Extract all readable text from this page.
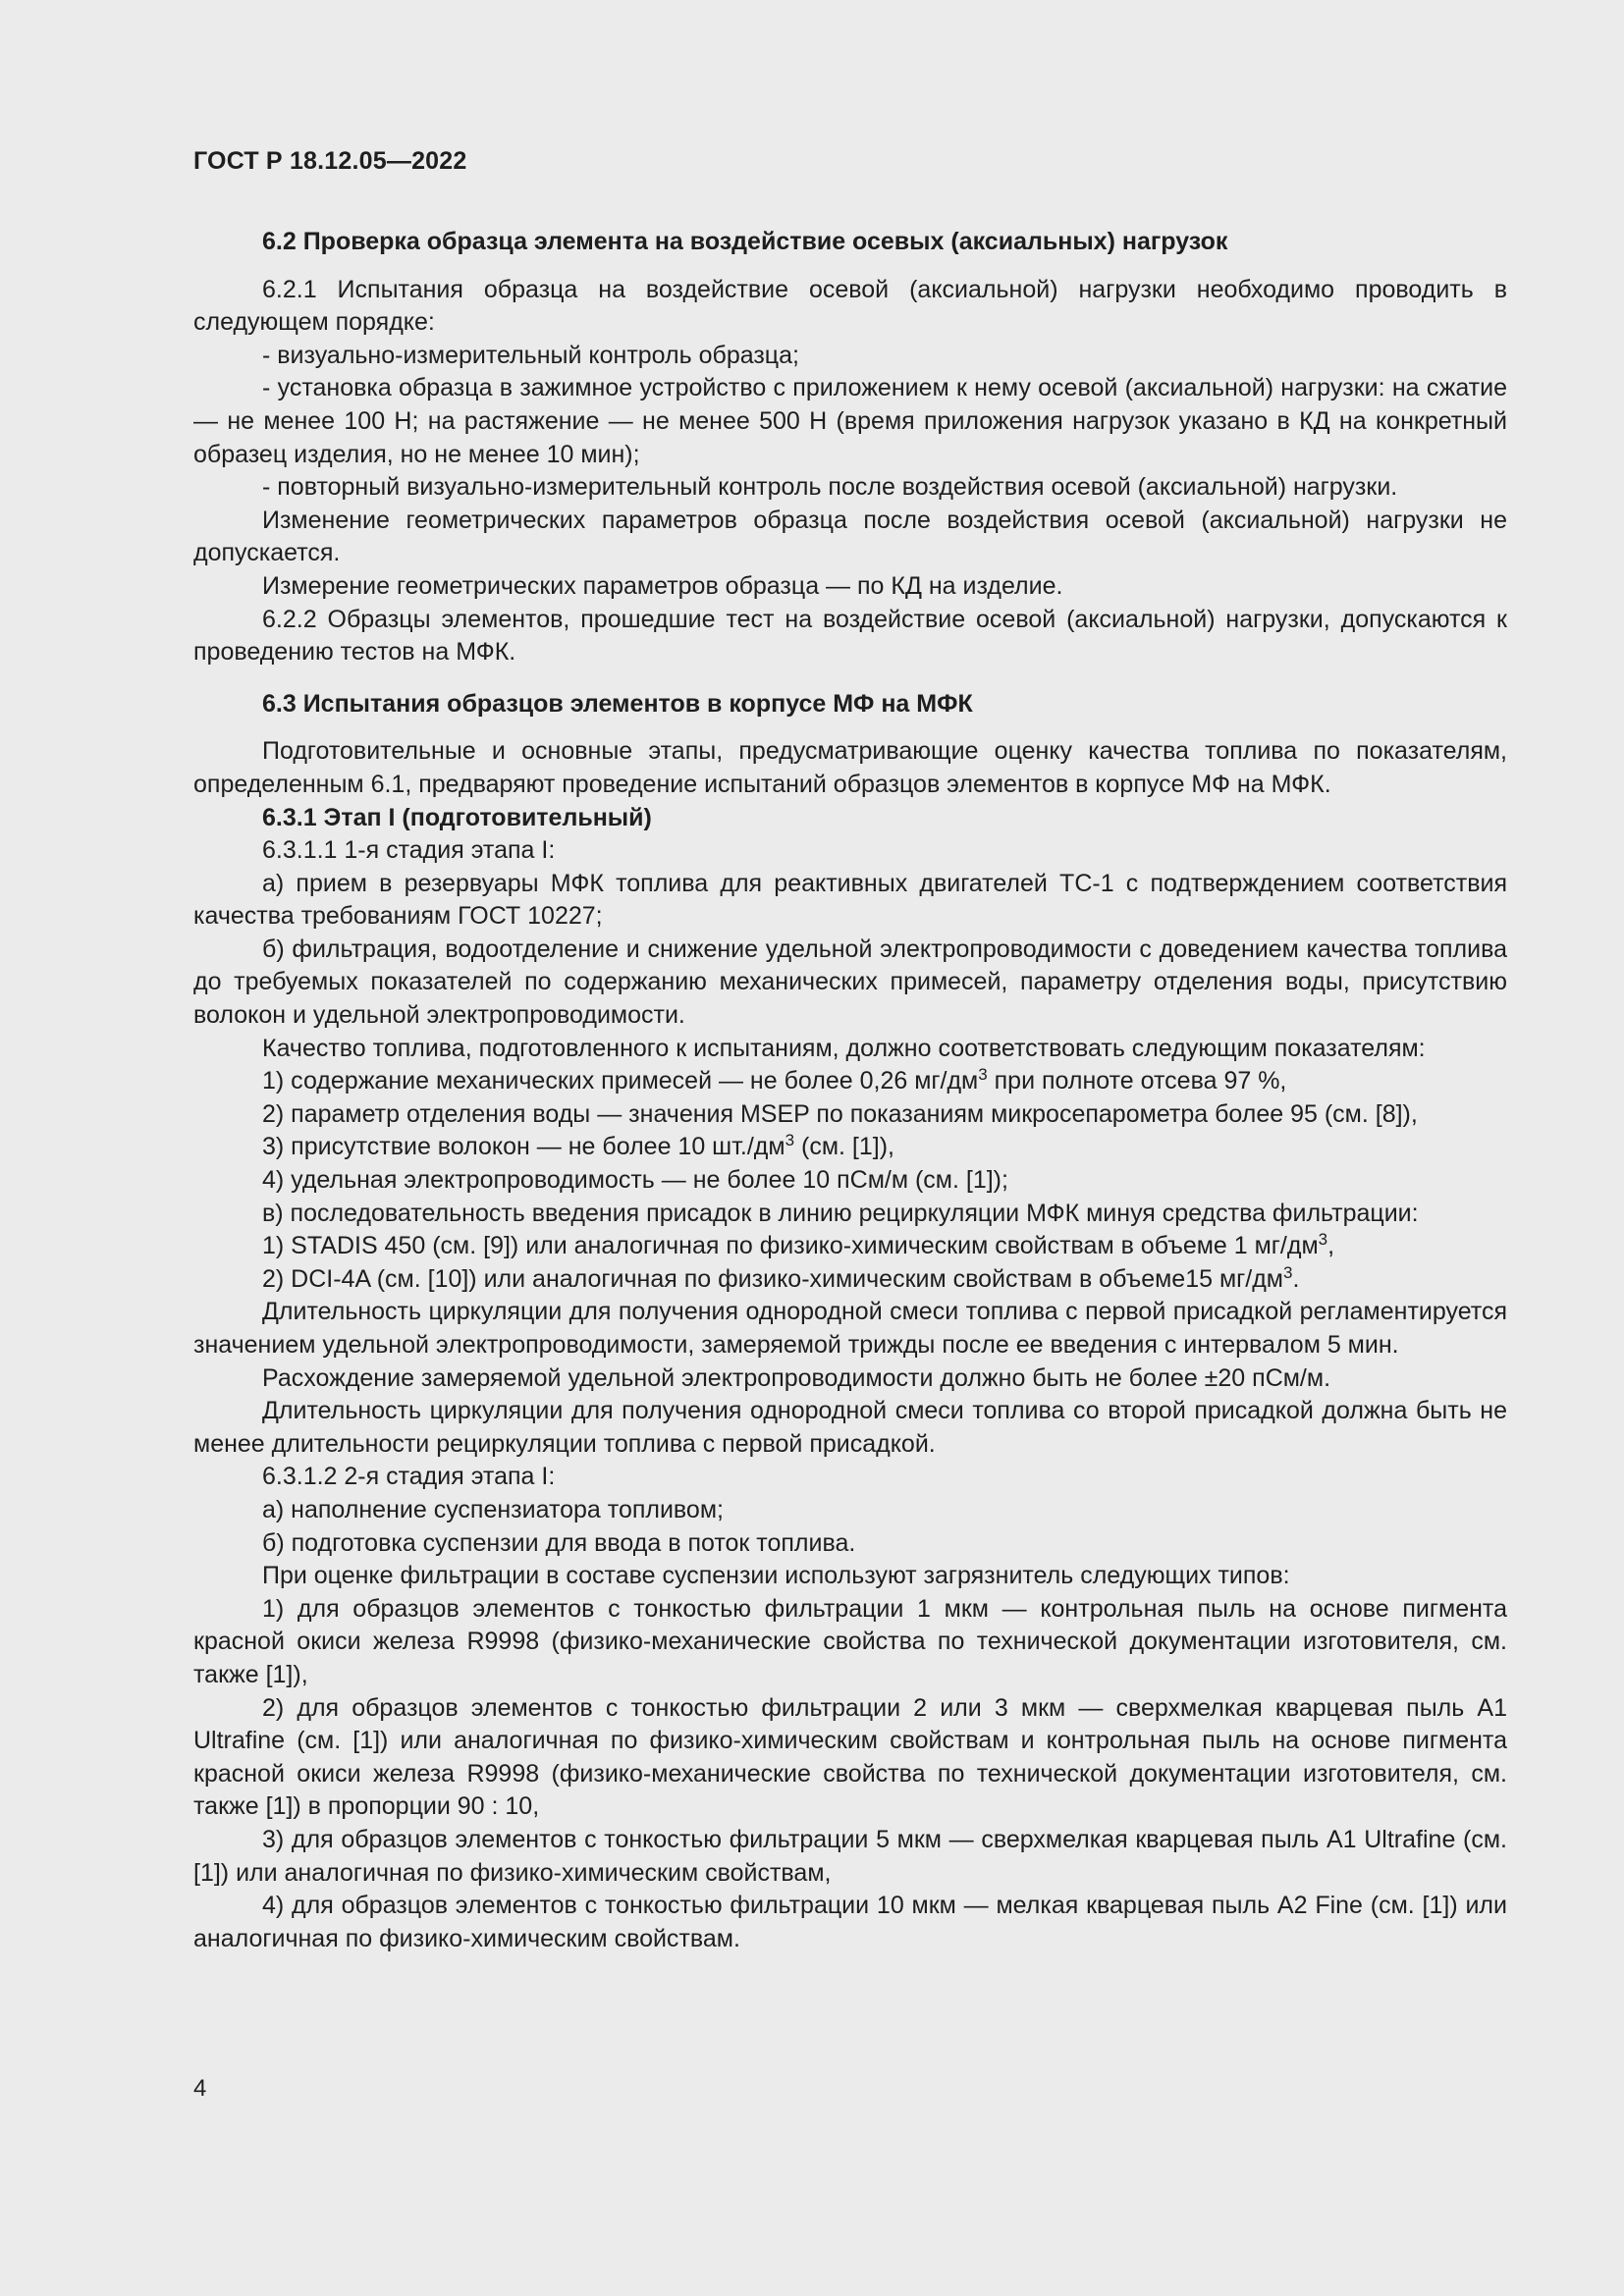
ГОСТ Р 18.12.05—2022

6.2 Проверка образца элемента на воздействие осевых (аксиальных) нагрузок

6.2.1 Испытания образца на воздействие осевой (аксиальной) нагрузки необходимо проводить в следующем порядке:

- визуально-измерительный контроль образца;

- установка образца в зажимное устройство с приложением к нему осевой (аксиальной) нагрузки: на сжатие — не менее 100 Н; на растяжение — не менее 500 Н (время приложения нагрузок указано в КД на конкретный образец изделия, но не менее 10 мин);

- повторный визуально-измерительный контроль после воздействия осевой (аксиальной) нагрузки.

Изменение геометрических параметров образца после воздействия осевой (аксиальной) нагрузки не допускается.

Измерение геометрических параметров образца — по КД на изделие.

6.2.2 Образцы элементов, прошедшие тест на воздействие осевой (аксиальной) нагрузки, допускаются к проведению тестов на МФК.

6.3 Испытания образцов элементов в корпусе МФ на МФК

Подготовительные и основные этапы, предусматривающие оценку качества топлива по показателям, определенным 6.1, предваряют проведение испытаний образцов элементов в корпусе МФ на МФК.

6.3.1 Этап I (подготовительный)

6.3.1.1 1-я стадия этапа I:

а) прием в резервуары МФК топлива для реактивных двигателей ТС-1 с подтверждением соответствия качества требованиям ГОСТ 10227;

б) фильтрация, водоотделение и снижение удельной электропроводимости с доведением качества топлива до требуемых показателей по содержанию механических примесей, параметру отделения воды, присутствию волокон и удельной электропроводимости.

Качество топлива, подготовленного к испытаниям, должно соответствовать следующим показателям:

1) содержание механических примесей — не более 0,26 $мг/дм^3$ при полноте отсева 97 %,

2) параметр отделения воды — значения MSEP по показаниям микросепарометра более 95 (см. [8]),

3) присутствие волокон — не более 10 $шт./дм^3$ (см. [1]),

4) удельная электропроводимость — не более 10 пСм/м (см. [1]);

в) последовательность введения присадок в линию рециркуляции МФК минуя средства фильтрации:

1) STADIS 450 (см. [9]) или аналогичная по физико-химическим свойствам в объеме 1 $мг/дм^3$,

2) DCI-4A (см. [10]) или аналогичная по физико-химическим свойствам в объеме15 $мг/дм^3$.

Длительность циркуляции для получения однородной смеси топлива с первой присадкой регламентируется значением удельной электропроводимости, замеряемой трижды после ее введения с интервалом 5 мин.

Расхождение замеряемой удельной электропроводимости должно быть не более ±20 пСм/м.

Длительность циркуляции для получения однородной смеси топлива со второй присадкой должна быть не менее длительности рециркуляции топлива с первой присадкой.

6.3.1.2 2-я стадия этапа I:

а) наполнение суспензиатора топливом;

б) подготовка суспензии для ввода в поток топлива.

При оценке фильтрации в составе суспензии используют загрязнитель следующих типов:

1) для образцов элементов с тонкостью фильтрации 1 мкм — контрольная пыль на основе пигмента красной окиси железа R9998 (физико-механические свойства по технической документации изготовителя, см. также [1]),

2) для образцов элементов с тонкостью фильтрации 2 или 3 мкм — сверхмелкая кварцевая пыль A1 Ultrafine (см. [1]) или аналогичная по физико-химическим свойствам и контрольная пыль на основе пигмента красной окиси железа R9998 (физико-механические свойства по технической документации изготовителя, см. также [1]) в пропорции 90 : 10,

3) для образцов элементов с тонкостью фильтрации 5 мкм — сверхмелкая кварцевая пыль A1 Ultrafine (см. [1]) или аналогичная по физико-химическим свойствам,

4) для образцов элементов с тонкостью фильтрации 10 мкм — мелкая кварцевая пыль A2 Fine (см. [1]) или аналогичная по физико-химическим свойствам.

4
